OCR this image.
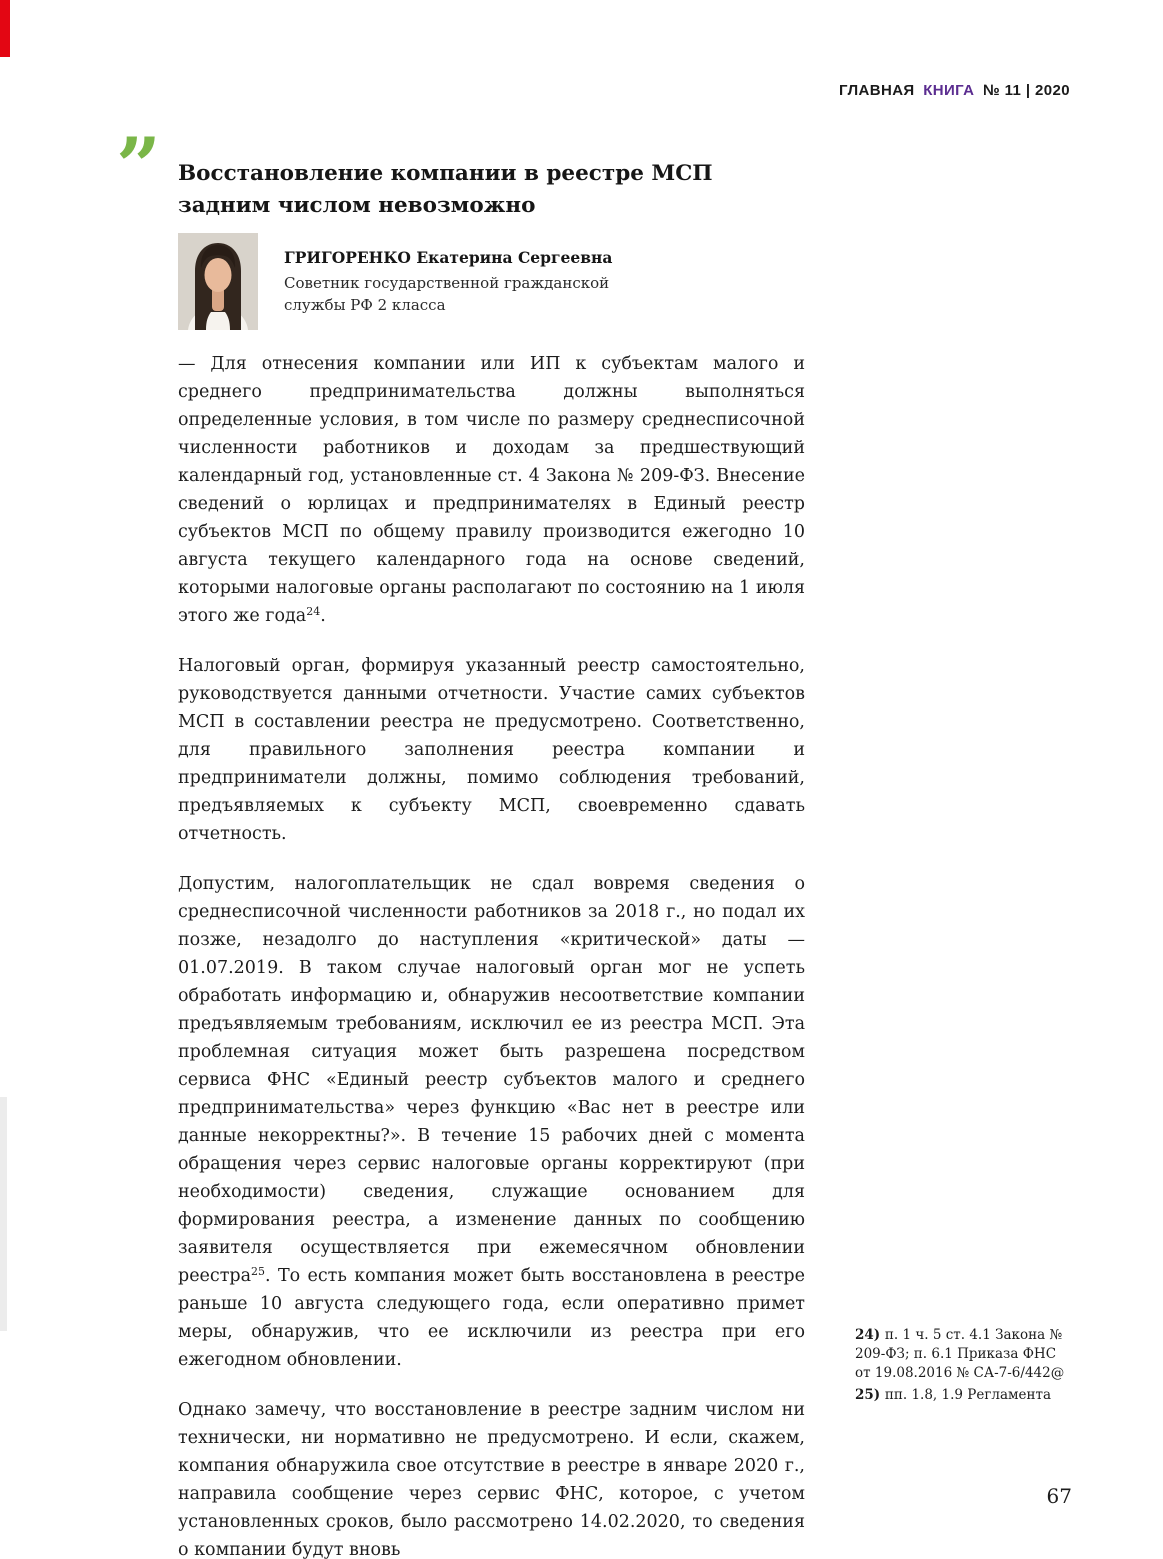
ГЛАВНАЯ КНИГА № 11 | 2020
” Восстановление компании в реестре МСП задним числом невозможно
ГРИГОРЕНКО Екатерина Сергеевна
Советник государственной гражданской службы РФ 2 класса

— Для отнесения компании или ИП к субъектам малого и среднего предпринимательства должны выполняться определенные условия, в том числе по размеру среднесписочной численности работников и доходам за предшествующий календарный год, установленные ст. 4 Закона № 209-ФЗ. Внесение сведений о юрлицах и предпринимателях в Единый реестр субъектов МСП по общему правилу производится ежегодно 10 августа текущего календарного года на основе сведений, которыми налоговые органы располагают по состоянию на 1 июля этого же года$^{24}$.

Налоговый орган, формируя указанный реестр самостоятельно, руководствуется данными отчетности. Участие самих субъектов МСП в составлении реестра не предусмотрено. Соответственно, для правильного заполнения реестра компании и предприниматели должны, помимо соблюдения требований, предъявляемых к субъекту МСП, своевременно сдавать отчетность.

Допустим, налогоплательщик не сдал вовремя сведения о среднесписочной численности работников за 2018 г., но подал их позже, незадолго до наступления «критической» даты — 01.07.2019. В таком случае налоговый орган мог не успеть обработать информацию и, обнаружив несоответствие компании предъявляемым требованиям, исключил ее из реестра МСП. Эта проблемная ситуация может быть разрешена посредством сервиса ФНС «Единый реестр субъектов малого и среднего предпринимательства» через функцию «Вас нет в реестре или данные некорректны?». В течение 15 рабочих дней с момента обращения через сервис налоговые органы корректируют (при необходимости) сведения, служащие основанием для формирования реестра, а изменение данных по сообщению заявителя осуществляется при ежемесячном обновлении реестра$^{25}$. То есть компания может быть восстановлена в реестре раньше 10 августа следующего года, если оперативно примет меры, обнаружив, что ее исключили из реестра при его ежегодном обновлении.

Однако замечу, что восстановление в реестре задним числом ни технически, ни нормативно не предусмотрено. И если, скажем, компания обнаружила свое отсутствие в реестре в январе 2020 г., направила сообщение через сервис ФНС, которое, с учетом установленных сроков, было рассмотрено 14.02.2020, то сведения о компании будут вновь

24) п. 1 ч. 5 ст. 4.1 Закона № 209-ФЗ; п. 6.1 Приказа ФНС от 19.08.2016 № СА-7-6/442@
25) пп. 1.8, 1.9 Регламента
67
